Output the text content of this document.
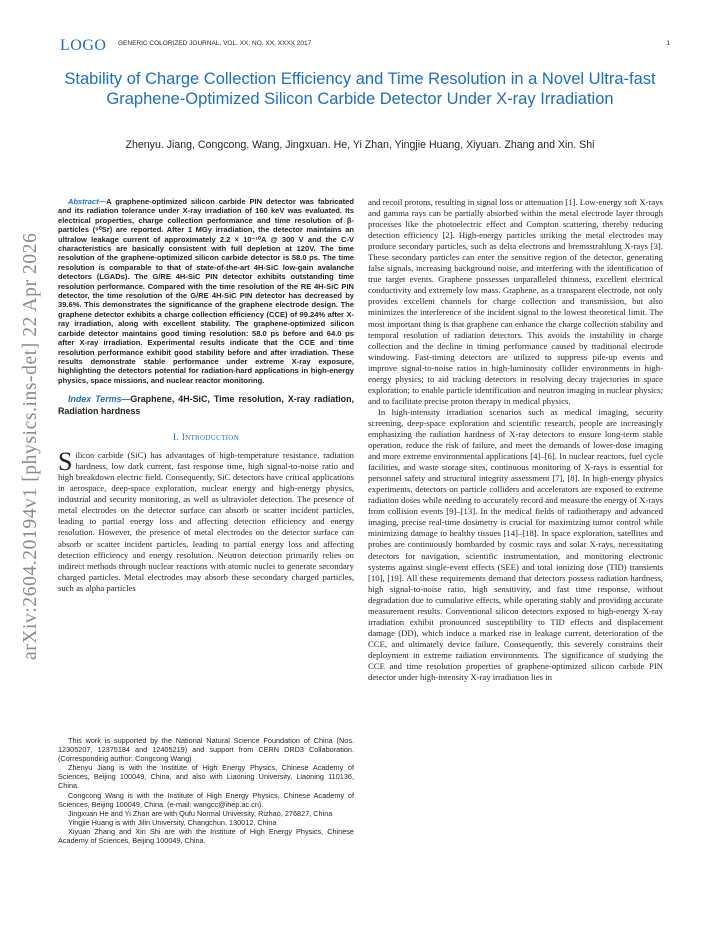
LOGO GENERIC COLORIZED JOURNAL, VOL. XX, NO. XX, XXXX 2017	1
Stability of Charge Collection Efficiency and Time Resolution in a Novel Ultra-fast Graphene-Optimized Silicon Carbide Detector Under X-ray Irradiation
Zhenyu. Jiang, Congcong. Wang, Jingxuan. He, Yi Zhan, Yingjie Huang, Xiyuan. Zhang and Xin. Shi
arXiv:2604.20194v1 [physics.ins-det] 22 Apr 2026
Abstract—A graphene-optimized silicon carbide PIN detector was fabricated and its radiation tolerance under X-ray irradiation of 160 keV was evaluated. Its electrical properties, charge collection performance and time resolution of β-particles (⁹⁰Sr) are reported. After 1 MGy irradiation, the detector maintains an ultralow leakage current of approximately 2.2 × 10⁻¹⁰A @ 300 V and the C-V characteristics are basically consistent with full depletion at 120V. The time resolution of the graphene-optimized silicon carbide detector is 58.0 ps. The time resolution is comparable to that of state-of-the-art 4H-SiC low-gain avalanche detectors (LGADs). The G/RE 4H-SiC PIN detector exhibits outstanding time resolution performance. Compared with the time resolution of the RE 4H-SiC PIN detector, the time resolution of the G/RE 4H-SiC PIN detector has decreased by 39.6%. This demonstrates the significance of the graphene electrode design. The graphene detector exhibits a charge collection efficiency (CCE) of 99.24% after X-ray irradiation, along with excellent stability. The graphene-optimized silicon carbide detector maintains good timing resolution: 58.0 ps before and 64.0 ps after X-ray irradiation. Experimental results indicate that the CCE and time resolution performance exhibit good stability before and after irradiation. These results demonstrate stable performance under extreme X-ray exposure, highlighting the detectors potential for radiation-hard applications in high-energy physics, space missions, and nuclear reactor monitoring.
Index Terms—Graphene, 4H-SiC, Time resolution, X-ray radiation, Radiation hardness
I. Introduction

Silicon carbide (SiC) has advantages of high-temperature resistance, radiation hardness, low dark current, fast response time, high signal-to-noise ratio and high breakdown electric field. Consequently, SiC detectors have critical applications in aerospace, deep-space exploration, nuclear energy and high-energy physics, industrial and security monitoring, as well as ultraviolet detection. The presence of metal electrodes on the detector surface can absorb or scatter incident particles, leading to partial energy loss and affecting detection efficiency and energy resolution. However, the presence of metal electrodes on the detector surface can absorb or scatter incident particles, leading to partial energy loss and affecting detection efficiency and energy resolution. Neutron detection primarily relies on indirect methods through nuclear reactions with atomic nuclei to generate secondary charged particles. Metal electrodes may absorb these secondary charged particles, such as alpha particles

This work is supported by the National Natural Science Foundation of China (Nos. 12305207, 12375184 and 12405219) and support from CERN DRD3 Collaboration. (Corresponding author: Congcong Wang)

Zhenyu Jiang is with the Institute of High Energy Physics, Chinese Academy of Sciences, Beijing 100049, China, and also with Liaoning University, Liaoning 110136, China.

Congcong Wang is with the Institute of High Energy Physics, Chinese Academy of Sciences, Beijing 100049, China. (e-mail: wangcc@ihep.ac.cn).

Jingxuan He and Yi Zhan are with Qufu Normal University, Rizhao, 276827, China

Yingjie Huang is with Jilin University, Changchun, 130012, China

Xiyuan Zhang and Xin Shi are with the Institute of High Energy Physics, Chinese Academy of Sciences, Beijing 100049, China.

and recoil protons, resulting in signal loss or attenuation [1]. Low-energy soft X-rays and gamma rays can be partially absorbed within the metal electrode layer through processes like the photoelectric effect and Compton scattering, thereby reducing detection efficiency [2]. High-energy particles striking the metal electrodes may produce secondary particles, such as delta electrons and bremsstrahlung X-rays [3]. These secondary particles can enter the sensitive region of the detector, generating false signals, increasing background noise, and interfering with the identification of true target events. Graphene possesses unparalleled thinness, excellent electrical conductivity and extremely low mass. Graphene, as a transparent electrode, not only provides excellent channels for charge collection and transmission, but also minimizes the interference of the incident signal to the lowest theoretical limit. The most important thing is that graphene can enhance the charge collection stability and temporal resolution of radiation detectors. This avoids the instability in charge collection and the decline in timing performance caused by traditional electrode windowing. Fast-timing detectors are utilized to suppress pile-up events and improve signal-to-noise ratios in high-luminosity collider environments in high-energy physics; to aid tracking detectors in resolving decay trajectories in space exploration; to enable particle identification and neutron imaging in nuclear physics; and to facilitate precise proton therapy in medical physics.

In high-intensity irradiation scenarios such as medical imaging, security screening, deep-space exploration and scientific research, people are increasingly emphasizing the radiation hardness of X-ray detectors to ensure long-term stable operation, reduce the risk of failure, and meet the demands of lower-dose imaging and more extreme environmental applications [4]–[6]. In nuclear reactors, fuel cycle facilities, and waste storage sites, continuous monitoring of X-rays is essential for personnel safety and structural integrity assessment [7], [8]. In high-energy physics experiments, detectors on particle colliders and accelerators are exposed to extreme radiation doses while needing to accurately record and measure the energy of X-rays from collision events [9]–[13]. In the medical fields of radiotherapy and advanced imaging, precise real-time dosimetry is crucial for maximizing tumor control while minimizing damage to healthy tissues [14]–[18]. In space exploration, satellites and probes are continuously bombarded by cosmic rays and solar X-rays, necessitating detectors for navigation, scientific instrumentation, and monitoring electronic systems against single-event effects (SEE) and total ionizing dose (TID) transients [10], [19]. All these requirements demand that detectors possess radiation hardness, high signal-to-noise ratio, high sensitivity, and fast time response, without degradation due to cumulative effects, while operating stably and providing accurate measurement results. Conventional silicon detectors exposed to high-energy X-ray irradiation exhibit pronounced susceptibility to TID effects and displacement damage (DD), which induce a marked rise in leakage current, deterioration of the CCE, and ultimately device failure. Consequently, this severely constrains their deployment in extreme radiation environments. The significance of studying the CCE and time resolution properties of graphene-optimized silicon carbide PIN detector under high-intensity X-ray irradiation lies in
